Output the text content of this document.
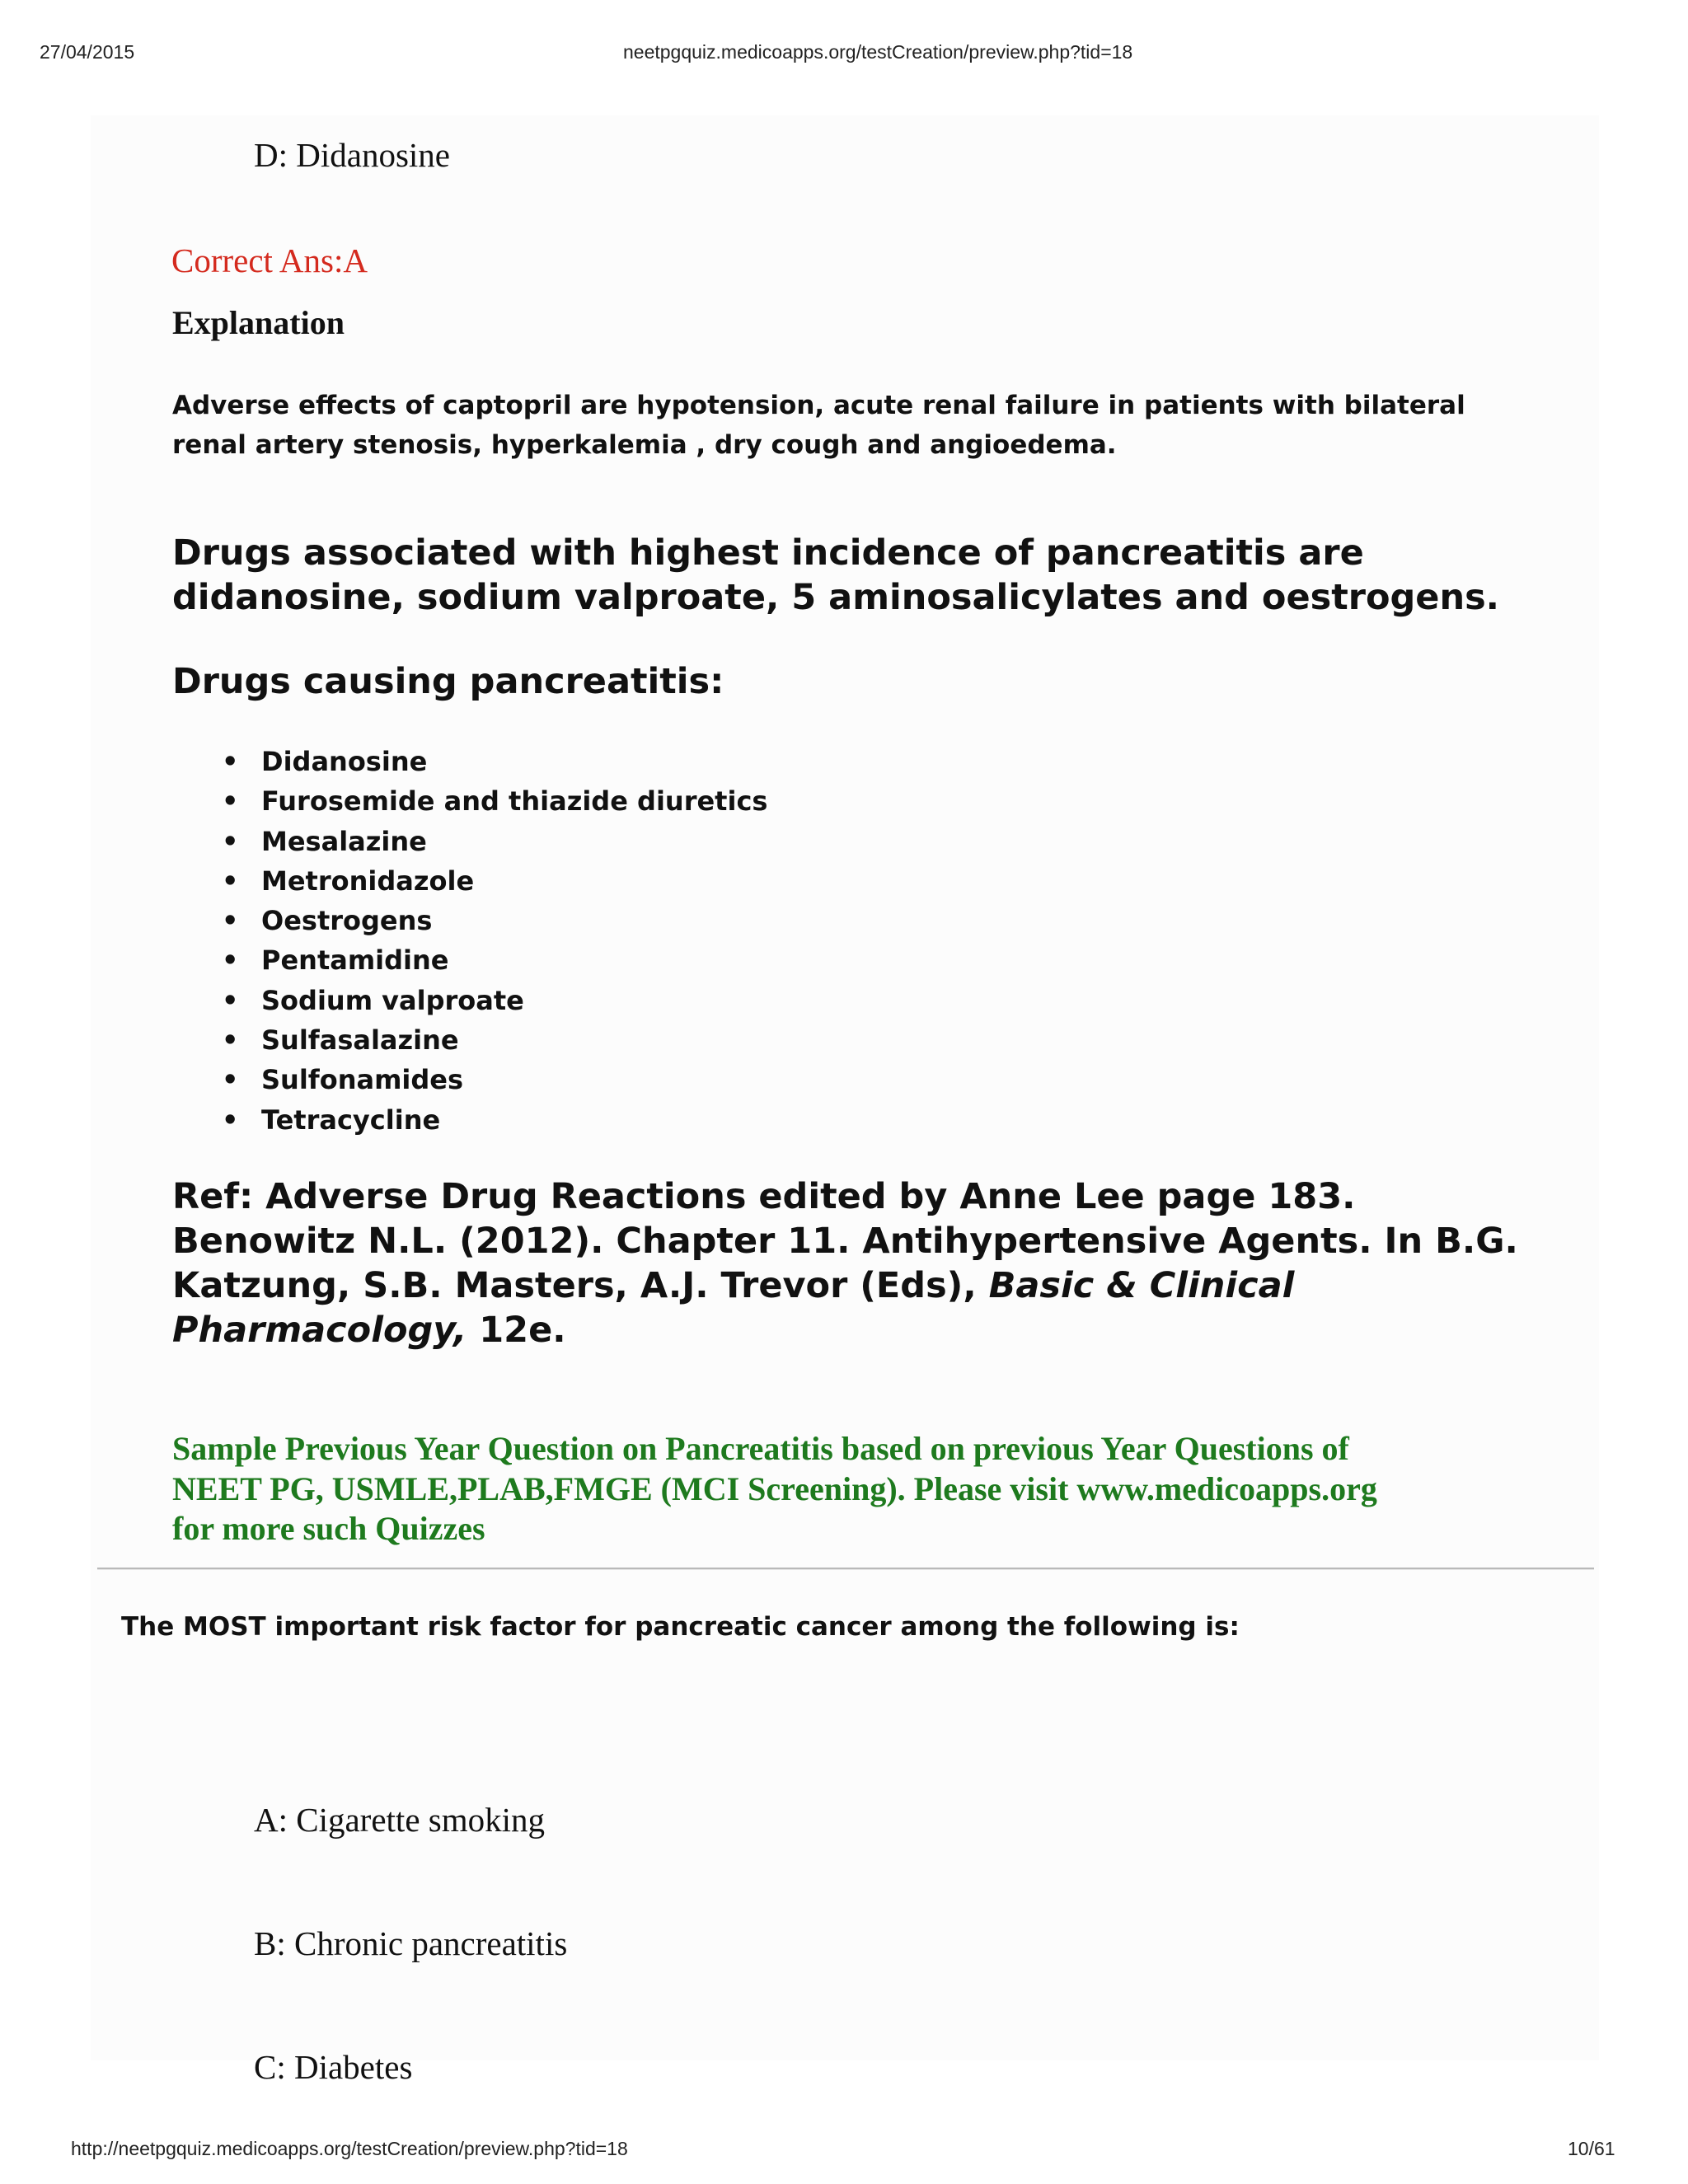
27/04/2015	neetpgquiz.medicoapps.org/testCreation/preview.php?tid=18
D: Didanosine
Correct Ans:A
Explanation
Adverse effects of captopril are hypotension, acute renal failure in patients with bilateral
renal artery stenosis, hyperkalemia , dry cough and angioedema.
Drugs associated with highest incidence of pancreatitis are
didanosine, sodium valproate, 5 aminosalicylates and oestrogens.
Drugs causing pancreatitis:
• Didanosine
• Furosemide and thiazide diuretics
• Mesalazine
• Metronidazole
• Oestrogens
• Pentamidine
• Sodium valproate
• Sulfasalazine
• Sulfonamides
• Tetracycline
Ref: Adverse Drug Reactions edited by Anne Lee page 183.
Benowitz N.L. (2012). Chapter 11. Antihypertensive Agents. In B.G.
Katzung, S.B. Masters, A.J. Trevor (Eds), Basic & Clinical
Pharmacology, 12e.
Sample Previous Year Question on Pancreatitis based on previous Year Questions of
NEET PG, USMLE,PLAB,FMGE (MCI Screening). Please visit www.medicoapps.org
for more such Quizzes
The MOST important risk factor for pancreatic cancer among the following is:
A: Cigarette smoking
B: Chronic pancreatitis
C: Diabetes
http://neetpgquiz.medicoapps.org/testCreation/preview.php?tid=18	10/61
